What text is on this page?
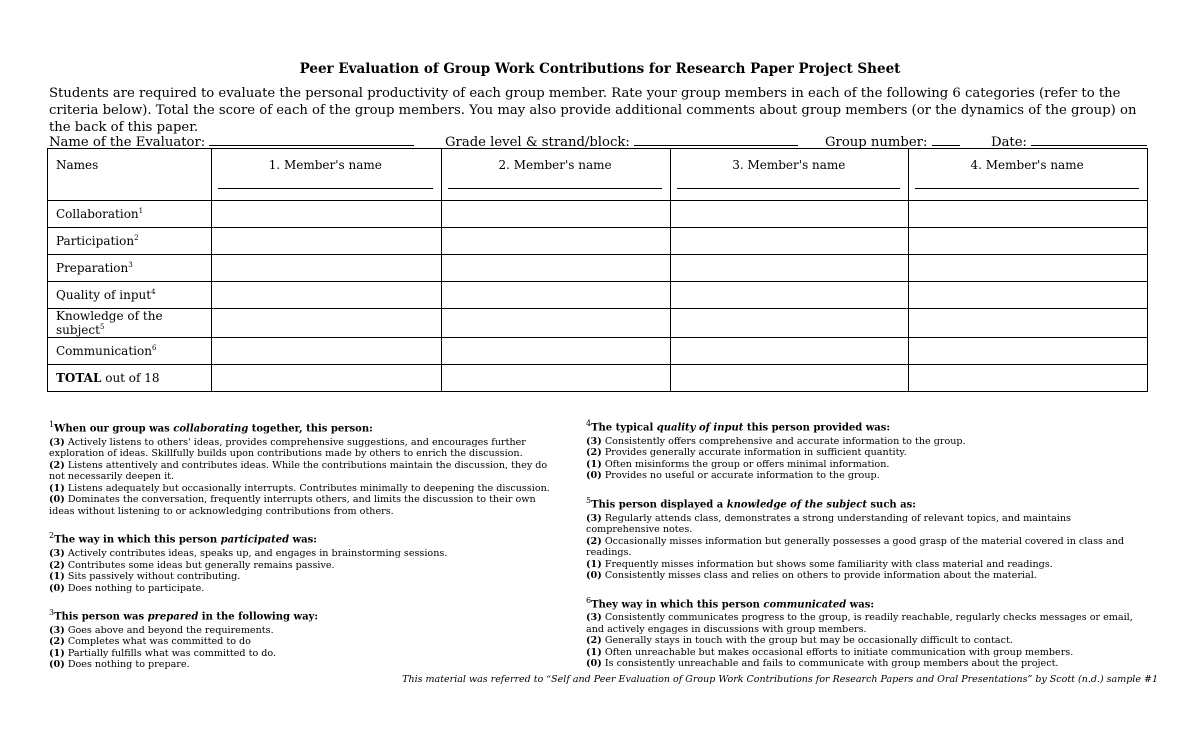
Peer Evaluation of Group Work Contributions for Research Paper Project Sheet
Students are required to evaluate the personal productivity of each group member. Rate your group members in each of the following 6 categories (refer to the criteria below). Total the score of each of the group members. You may also provide additional comments about group members (or the dynamics of the group) on the back of this paper.
Name of the Evaluator:	Grade level & strand/block:	Group number:	Date:
Names	1. Member's name	2. Member's name	3. Member's name	4. Member's name

Collaboration$^1$				
Participation$^2$				
Preparation$^3$				
Quality of input$^4$				
Knowledge of the subject$^5$				
Communication$^6$				
TOTAL out of 18				
$^1$When our group was collaborating together, this person:
(3) Actively listens to others' ideas, provides comprehensive suggestions, and encourages further exploration of ideas. Skillfully builds upon contributions made by others to enrich the discussion.
(2) Listens attentively and contributes ideas. While the contributions maintain the discussion, they do not necessarily deepen it.
(1) Listens adequately but occasionally interrupts. Contributes minimally to deepening the discussion.
(0) Dominates the conversation, frequently interrupts others, and limits the discussion to their own ideas without listening to or acknowledging contributions from others.
$^2$The way in which this person participated was:
(3) Actively contributes ideas, speaks up, and engages in brainstorming sessions.
(2) Contributes some ideas but generally remains passive.
(1) Sits passively without contributing.
(0) Does nothing to participate.
$^3$This person was prepared in the following way:
(3) Goes above and beyond the requirements.
(2) Completes what was committed to do
(1) Partially fulfills what was committed to do.
(0) Does nothing to prepare.
$^4$The typical quality of input this person provided was:
(3) Consistently offers comprehensive and accurate information to the group.
(2) Provides generally accurate information in sufficient quantity.
(1) Often misinforms the group or offers minimal information.
(0) Provides no useful or accurate information to the group.
$^5$This person displayed a knowledge of the subject such as:
(3) Regularly attends class, demonstrates a strong understanding of relevant topics, and maintains comprehensive notes.
(2) Occasionally misses information but generally possesses a good grasp of the material covered in class and readings.
(1) Frequently misses information but shows some familiarity with class material and readings.
(0) Consistently misses class and relies on others to provide information about the material.
$^6$They way in which this person communicated was:
(3) Consistently communicates progress to the group, is readily reachable, regularly checks messages or email, and actively engages in discussions with group members.
(2) Generally stays in touch with the group but may be occasionally difficult to contact.
(1) Often unreachable but makes occasional efforts to initiate communication with group members.
(0) Is consistently unreachable and fails to communicate with group members about the project.
This material was referred to “Self and Peer Evaluation of Group Work Contributions for Research Papers and Oral Presentations” by Scott (n.d.) sample #1
